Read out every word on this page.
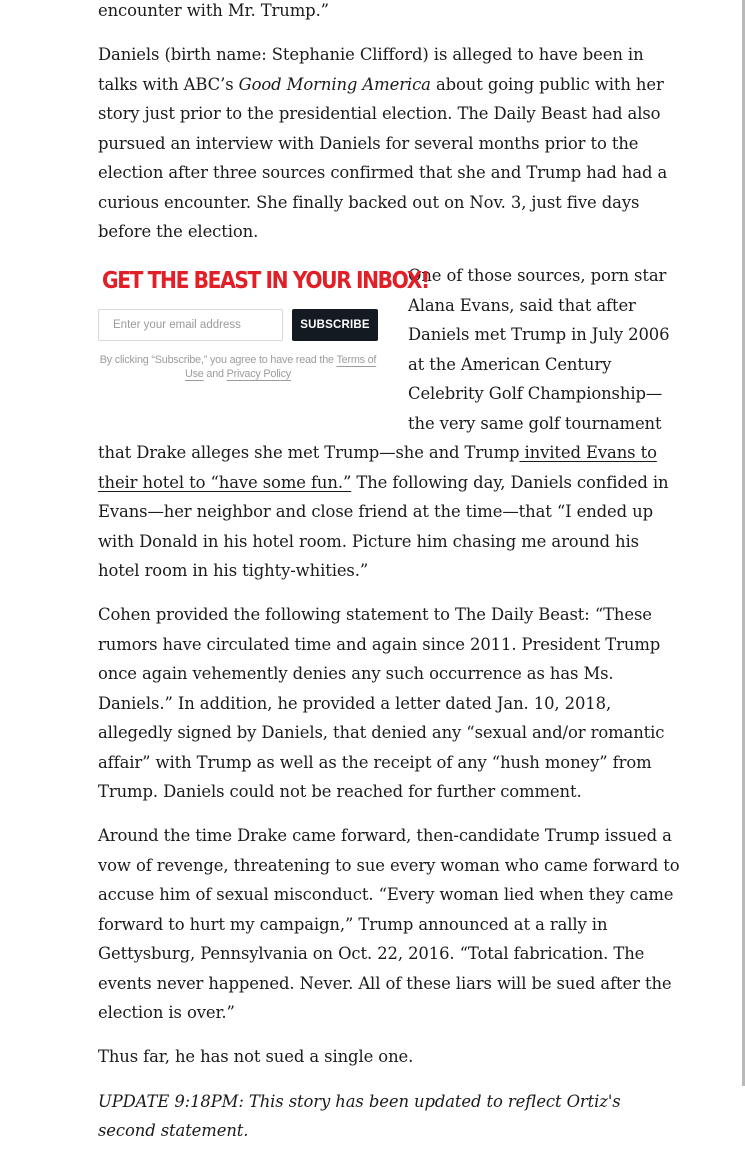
encounter with Mr. Trump.”

Daniels (birth name: Stephanie Clifford) is alleged to have been in talks with ABC’s Good Morning America about going public with her story just prior to the presidential election. The Daily Beast had also pursued an interview with Daniels for several months prior to the election after three sources confirmed that she and Trump had had a curious encounter. She finally backed out on Nov. 3, just five days before the election.

GET THE BEAST IN YOUR INBOX!
Enter your email address
SUBSCRIBE
By clicking “Subscribe,” you agree to have read the Terms of Use and Privacy Policy

One of those sources, porn star Alana Evans, said that after Daniels met Trump in July 2006 at the American Century Celebrity Golf Championship—the very same golf tournament that Drake alleges she met Trump—she and Trump invited Evans to their hotel to “have some fun.” The following day, Daniels confided in Evans—her neighbor and close friend at the time—that “I ended up with Donald in his hotel room. Picture him chasing me around his hotel room in his tighty-whities.”

Cohen provided the following statement to The Daily Beast: “These rumors have circulated time and again since 2011. President Trump once again vehemently denies any such occurrence as has Ms. Daniels.” In addition, he provided a letter dated Jan. 10, 2018, allegedly signed by Daniels, that denied any “sexual and/or romantic affair” with Trump as well as the receipt of any “hush money” from Trump. Daniels could not be reached for further comment.

Around the time Drake came forward, then-candidate Trump issued a vow of revenge, threatening to sue every woman who came forward to accuse him of sexual misconduct. “Every woman lied when they came forward to hurt my campaign,” Trump announced at a rally in Gettysburg, Pennsylvania on Oct. 22, 2016. “Total fabrication. The events never happened. Never. All of these liars will be sued after the election is over.”

Thus far, he has not sued a single one.

UPDATE 9:18PM: This story has been updated to reflect Ortiz's second statement.
